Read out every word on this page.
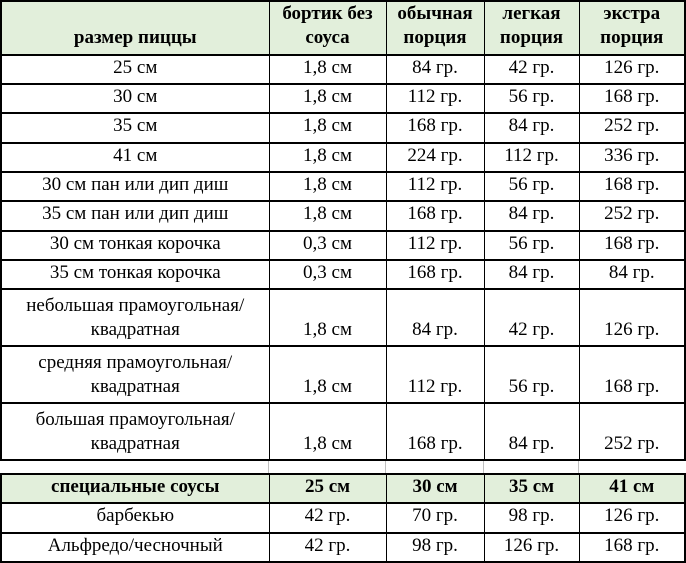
размер пиццы	бортик без соуса	обычная порция	легкая порция	экстра порция
25 см	1,8 см	84 гр.	42 гр.	126 гр.
30 см	1,8 см	112 гр.	56 гр.	168 гр.
35 см	1,8 см	168 гр.	84 гр.	252 гр.
41 см	1,8 см	224 гр.	112 гр.	336 гр.
30 см пан или дип диш	1,8 см	112 гр.	56 гр.	168 гр.
35 см пан или дип диш	1,8 см	168 гр.	84 гр.	252 гр.
30 см тонкая корочка	0,3 см	112 гр.	56 гр.	168 гр.
35 см тонкая корочка	0,3 см	168 гр.	84 гр.	84 гр.
небольшая прамоугольная/квадратная	1,8 см	84 гр.	42 гр.	126 гр.
средняя прамоугольная/квадратная	1,8 см	112 гр.	56 гр.	168 гр.
большая прамоугольная/квадратная	1,8 см	168 гр.	84 гр.	252 гр.
специальные соусы	25 см	30 см	35 см	41 см
барбекью	42 гр.	70 гр.	98 гр.	126 гр.
Альфредо/чесночный	42 гр.	98 гр.	126 гр.	168 гр.
